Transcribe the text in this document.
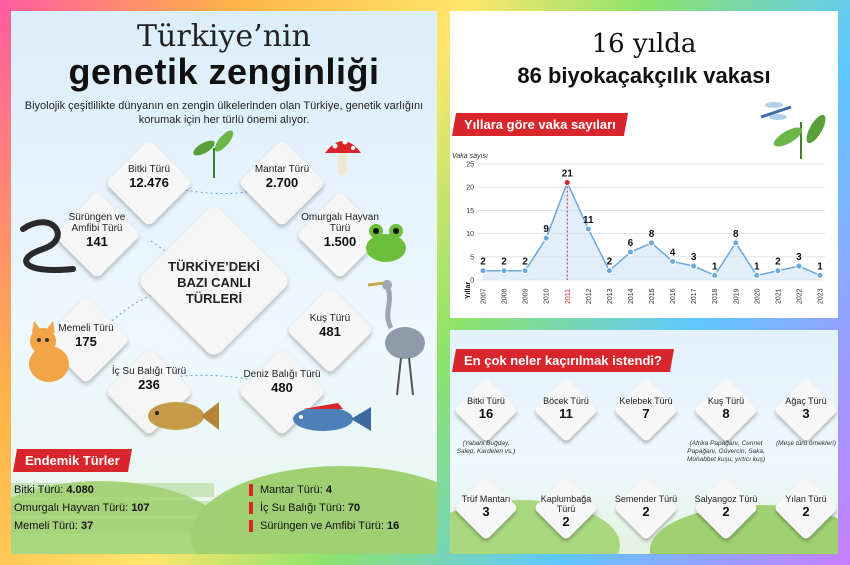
Türkiye’nin
genetik zenginliği
Biyolojik çeşitlilikte dünyanın en zengin ülkelerinden olan Türkiye, genetik varlığını korumak için her türlü önemi alıyor.
TÜRKİYE’DEKİ BAZI CANLI TÜRLERİ
Bitki Türü
12.476
Mantar Türü
2.700
Sürüngen ve Amfibi Türü
141
Omurgalı Hayvan Türü
1.500
Memeli Türü
175
Kuş Türü
481
İç Su Balığı Türü
236
Deniz Balığı Türü
480
Endemik Türler
Bitki Türü: 4.080
Omurgalı Hayvan Türü: 107
Memeli Türü: 37
Mantar Türü: 4
İç Su Balığı Türü: 70
Sürüngen ve Amfibi Türü: 16
16 yılda
86 biyokaçakçılık vakası
Yıllara göre vaka sayıları
Vaka sayısı
Yıllar
0
5
10
15
20
25
2007 2008 2009 2010 2011 2012 2013 2014 2015 2016 2017 2018 2019 2020 2021 2022 2023
2 2 2
9
21
11
2
6
8
4 3
1
8
1 2 3
1
En çok neler kaçırılmak istendi?
Bitki Türü
16
(Yabani Buğday, Salep, Kardelen vs.)
Böcek Türü
11
Kelebek Türü
7
Kuş Türü
8
(Afrika Papağanı, Cennet Papağanı, Güvercin, Saka, Muhabbet kuşu, yırtıcı kuş)
Ağaç Türü
3
(Meşe türü örnekleri)
Trüf Mantarı
3
Kaplumbağa Türü
2
Semender Türü
2
Salyangoz Türü
2
Yılan Türü
2
